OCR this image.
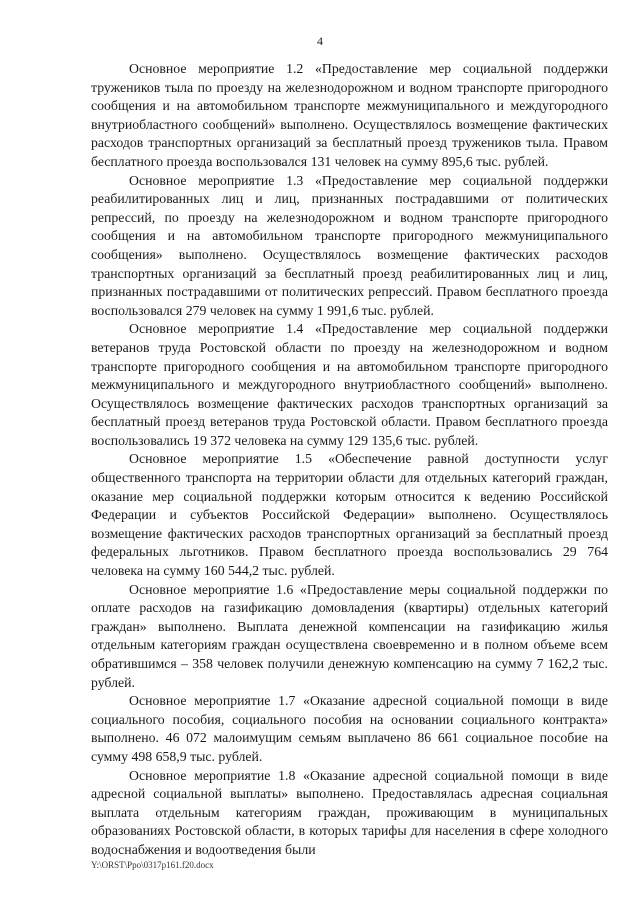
4

Основное мероприятие 1.2 «Предоставление мер социальной поддержки тружеников тыла по проезду на железнодорожном и водном транспорте пригородного сообщения и на автомобильном транспорте межмуниципального и междугородного внутриобластного сообщений» выполнено. Осуществлялось возмещение фактических расходов транспортных организаций за бесплатный проезд тружеников тыла. Правом бесплатного проезда воспользовался 131 человек на сумму 895,6 тыс. рублей.

Основное мероприятие 1.3 «Предоставление мер социальной поддержки реабилитированных лиц и лиц, признанных пострадавшими от политических репрессий, по проезду на железнодорожном и водном транспорте пригородного сообщения и на автомобильном транспорте пригородного межмуниципального сообщения» выполнено. Осуществлялось возмещение фактических расходов транспортных организаций за бесплатный проезд реабилитированных лиц и лиц, признанных пострадавшими от политических репрессий. Правом бесплатного проезда воспользовался 279 человек на сумму 1 991,6 тыс. рублей.

Основное мероприятие 1.4 «Предоставление мер социальной поддержки ветеранов труда Ростовской области по проезду на железнодорожном и водном транспорте пригородного сообщения и на автомобильном транспорте пригородного межмуниципального и междугородного внутриобластного сообщений» выполнено. Осуществлялось возмещение фактических расходов транспортных организаций за бесплатный проезд ветеранов труда Ростовской области. Правом бесплатного проезда воспользовались 19 372 человека на сумму 129 135,6 тыс. рублей.

Основное мероприятие 1.5 «Обеспечение равной доступности услуг общественного транспорта на территории области для отдельных категорий граждан, оказание мер социальной поддержки которым относится к ведению Российской Федерации и субъектов Российской Федерации» выполнено. Осуществлялось возмещение фактических расходов транспортных организаций за бесплатный проезд федеральных льготников. Правом бесплатного проезда воспользовались 29 764 человека на сумму 160 544,2 тыс. рублей.

Основное мероприятие 1.6 «Предоставление меры социальной поддержки по оплате расходов на газификацию домовладения (квартиры) отдельных категорий граждан» выполнено. Выплата денежной компенсации на газификацию жилья отдельным категориям граждан осуществлена своевременно и в полном объеме всем обратившимся – 358 человек получили денежную компенсацию на сумму 7 162,2 тыс. рублей.

Основное мероприятие 1.7 «Оказание адресной социальной помощи в виде социального пособия, социального пособия на основании социального контракта» выполнено. 46 072 малоимущим семьям выплачено 86 661 социальное пособие на сумму 498 658,9 тыс. рублей.

Основное мероприятие 1.8 «Оказание адресной социальной помощи в виде адресной социальной выплаты» выполнено. Предоставлялась адресная социальная выплата отдельным категориям граждан, проживающим в муниципальных образованиях Ростовской области, в которых тарифы для населения в сфере холодного водоснабжения и водоотведения были

Y:\ORST\Ppo\0317p161.f20.docx
